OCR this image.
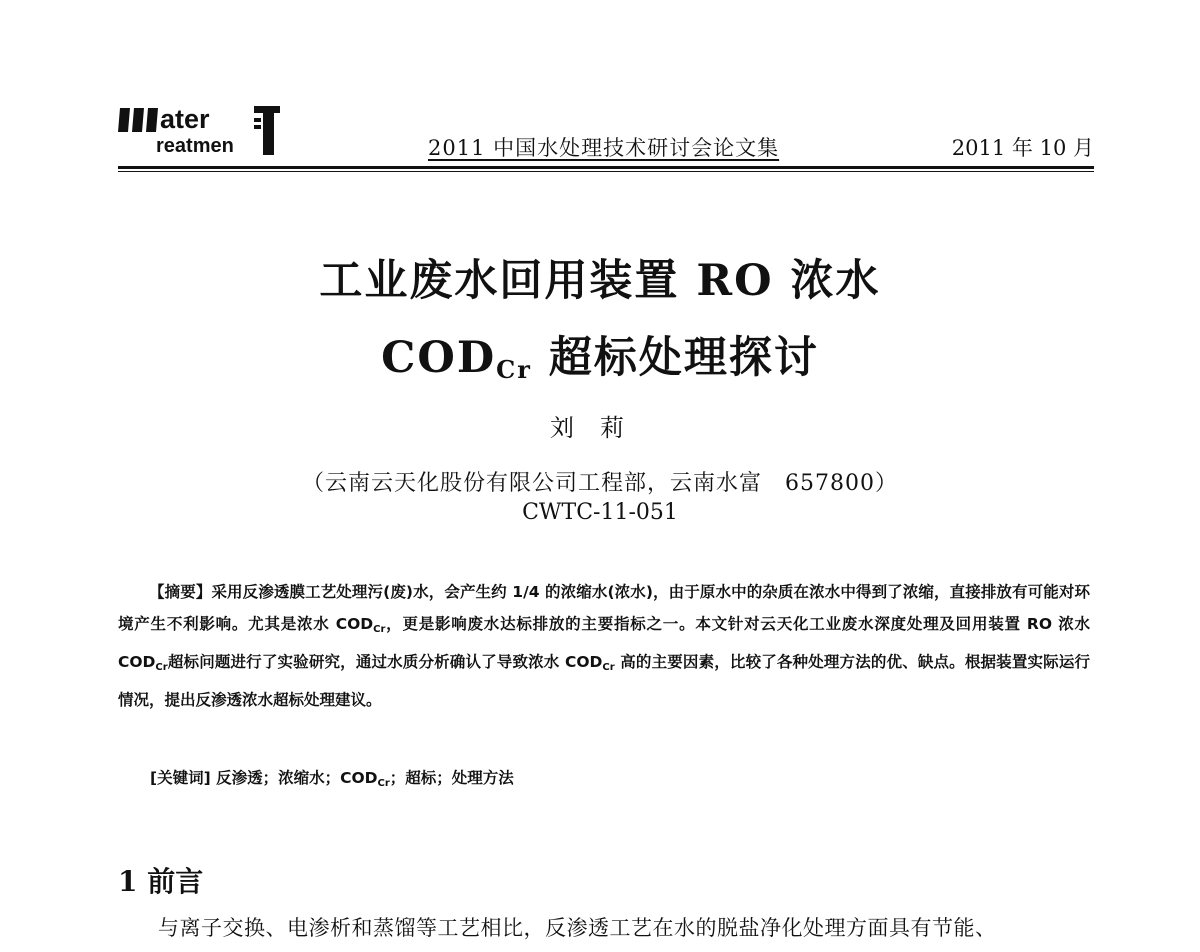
ater
reatmen	2011 中国水处理技术研讨会论文集	2011 年 10 月
工业废水回用装置 RO 浓水
$COD_{Cr}$ 超标处理探讨
刘莉
（云南云天化股份有限公司工程部，云南水富　657800）
CWTC-11-051
【摘要】采用反渗透膜工艺处理污(废)水，会产生约 1/4 的浓缩水(浓水)，由于原水中的杂质在浓水中得到了浓缩，直接排放有可能对环境产生不利影响。尤其是浓水 $COD_{Cr}$，更是影响废水达标排放的主要指标之一。本文针对云天化工业废水深度处理及回用装置 RO 浓水 $COD_{Cr}$超标问题进行了实验研究，通过水质分析确认了导致浓水 $COD_{Cr}$ 高的主要因素，比较了各种处理方法的优、缺点。根据装置实际运行情况，提出反渗透浓水超标处理建议。
[关键词] 反渗透；浓缩水；$COD_{Cr}$；超标；处理方法
1 前言
与离子交换、电渗析和蒸馏等工艺相比，反渗透工艺在水的脱盐净化处理方面具有节能、
